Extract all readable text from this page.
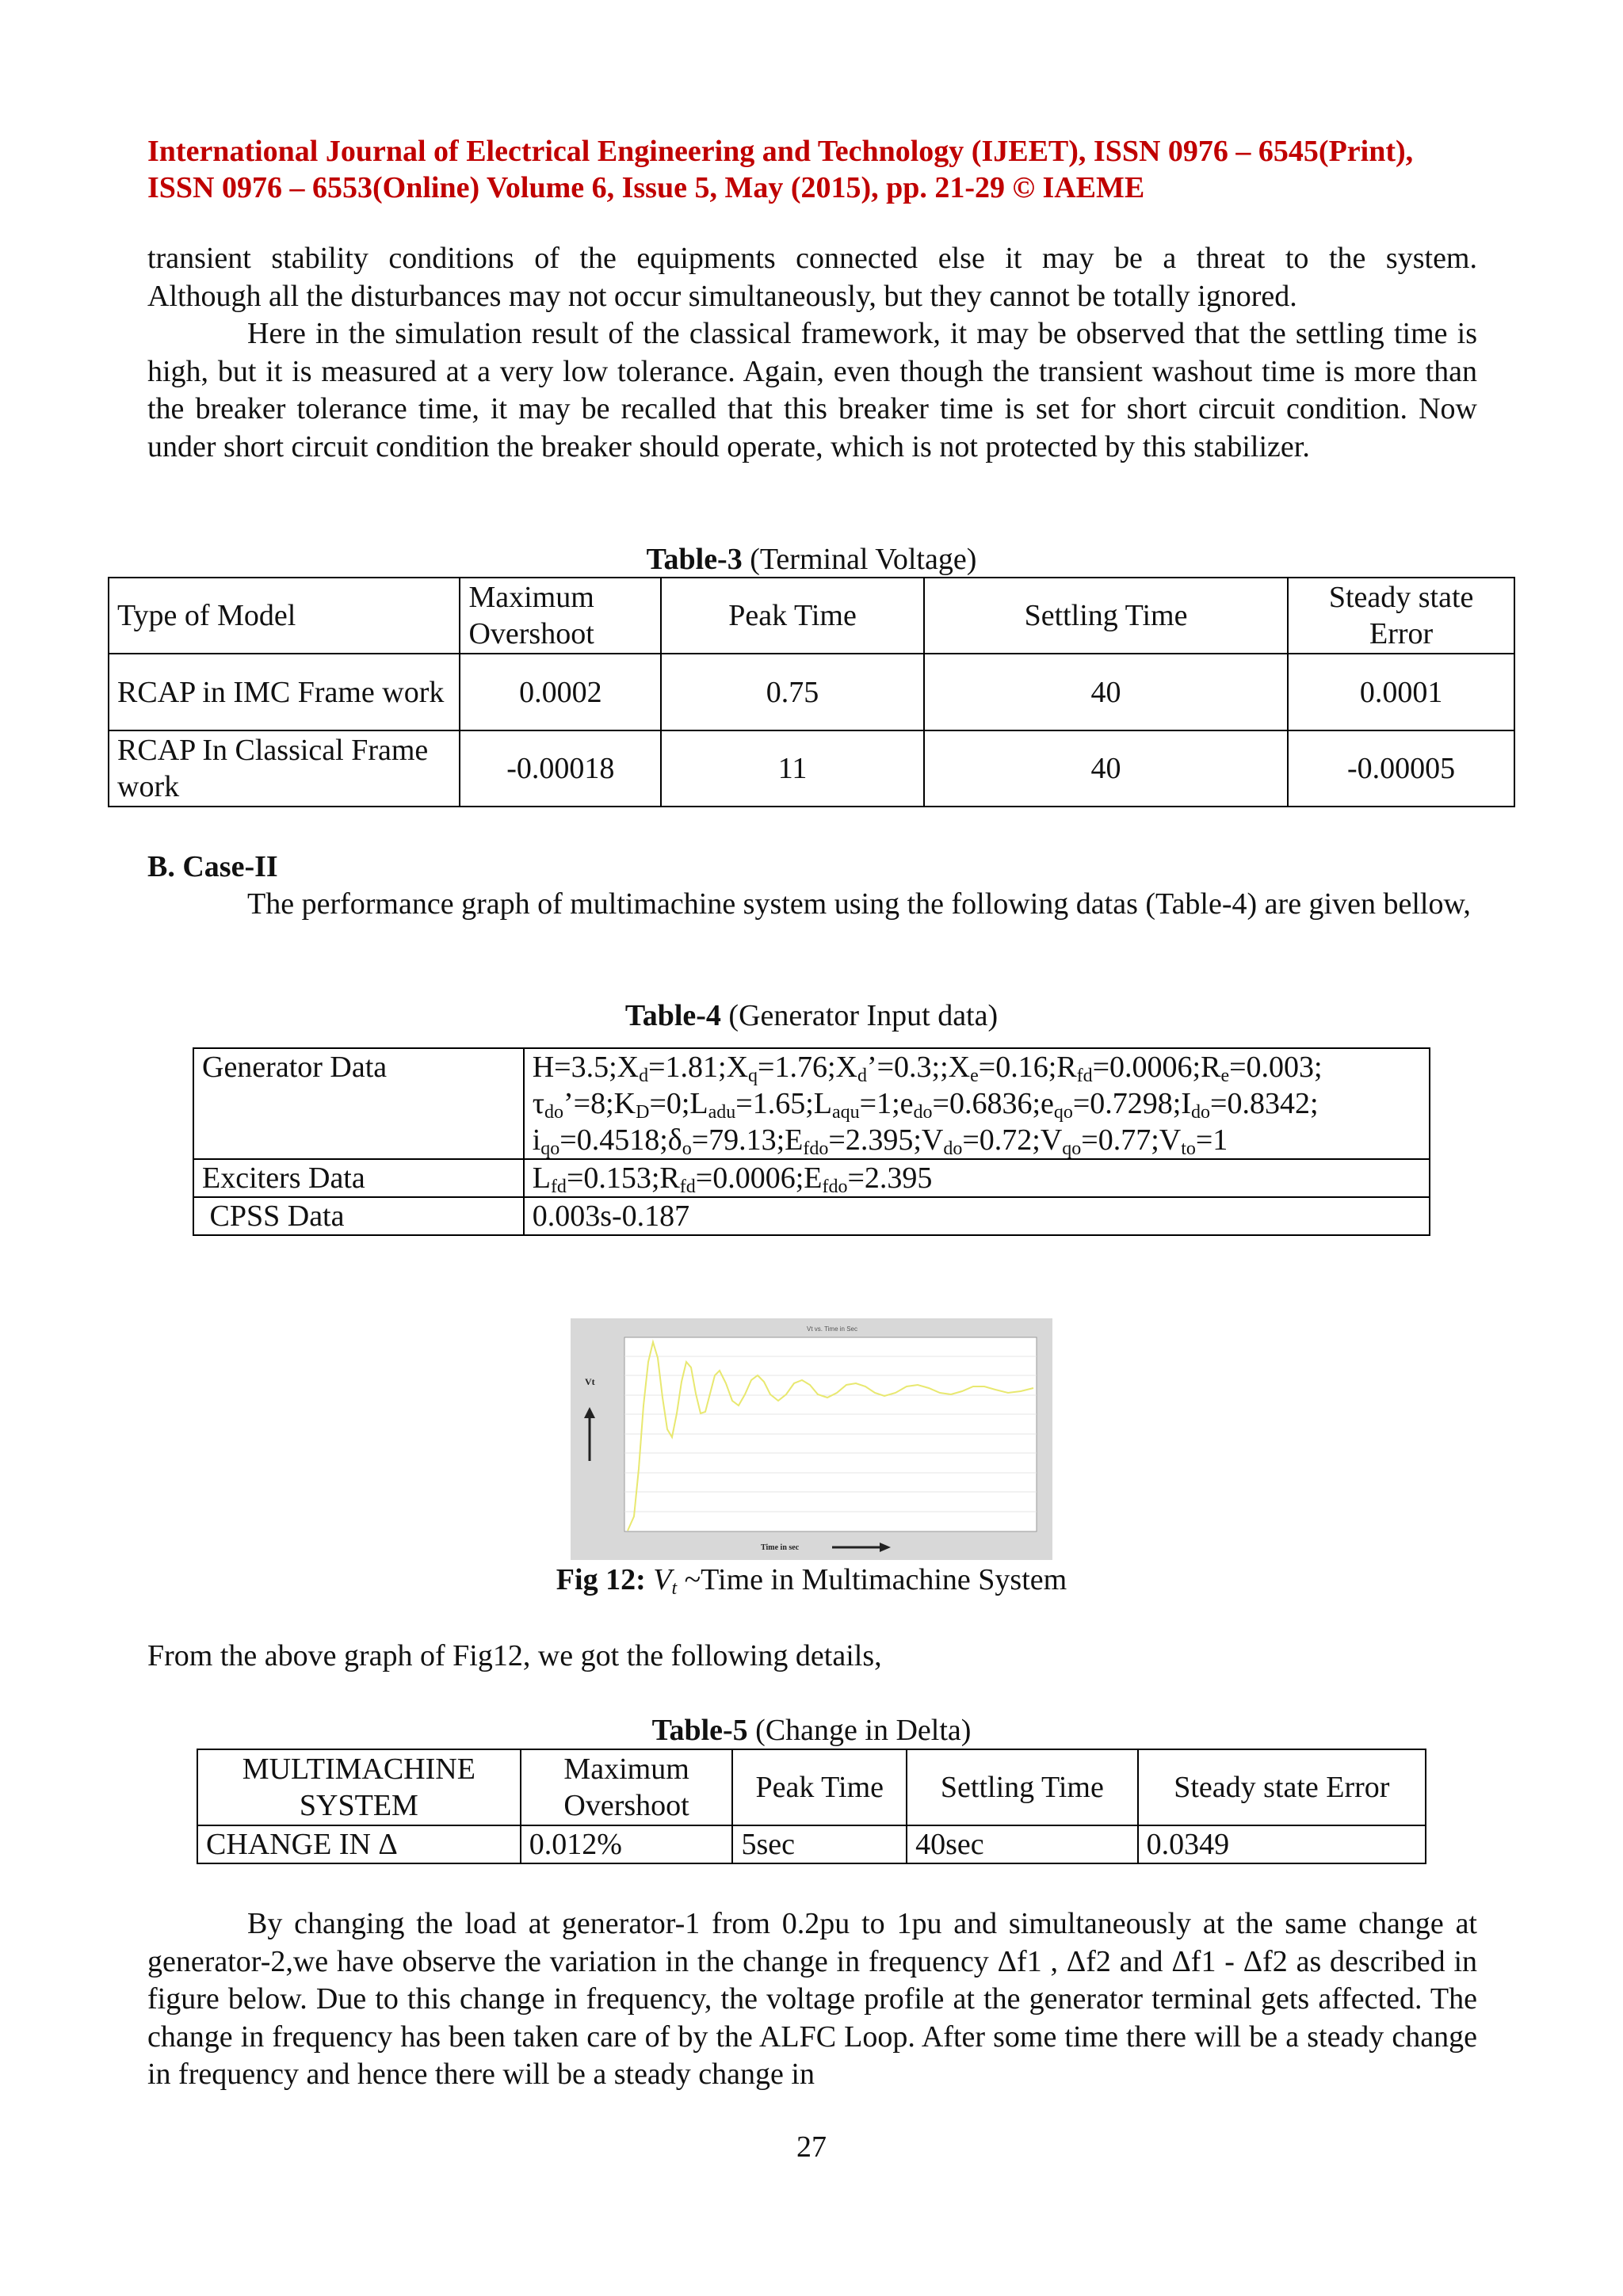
International Journal of Electrical Engineering and Technology (IJEET), ISSN 0976 – 6545(Print),
ISSN 0976 – 6553(Online) Volume 6, Issue 5, May (2015), pp. 21-29 © IAEME
transient stability conditions of the equipments connected else it may be a threat to the system.
Although all the disturbances may not occur simultaneously, but they cannot be totally ignored.

Here in the simulation result of the classical framework, it may be observed that the settling time is high, but it is measured at a very low tolerance. Again, even though the transient washout time is more than the breaker tolerance time, it may be recalled that this breaker time is set for short circuit condition. Now under short circuit condition the breaker should operate, which is not protected by this stabilizer.

Table-3 (Terminal Voltage)
Type of Model	Maximum Overshoot	Peak Time	Settling Time	Steady state Error
RCAP in IMC Frame work	0.0002	0.75	40	0.0001
RCAP In Classical Frame work	-0.00018	11	40	-0.00005
B. Case-II

The performance graph of multimachine system using the following datas (Table-4) are given bellow,

Table-4 (Generator Input data)
Generator Data	$H=3.5;X_d=1.81;X_q=1.76;X_d’=0.3;;X_e=0.16;R_{fd}=0.0006;R_e=0.003$;
$\tau_{do}’=8;K_D=0;L_{adu}=1.65;L_{aqu}=1;e_{do}=0.6836;e_{qo}=0.7298;I_{do}=0.8342$;
$i_{qo}=0.4518;\delta_o=79.13;E_{fdo}=2.395;V_{do}=0.72;V_{qo}=0.77;V_{to}=1$
Exciters Data	$L_{fd}=0.153;R_{fd}=0.0006;E_{fdo}=2.395$
CPSS Data	0.003s-0.187
Vt vs. Time in Sec
Vt
Time in sec
Fig 12: $V_t$ ~Time in Multimachine System

From the above graph of Fig12, we got the following details,

Table-5 (Change in Delta)
MULTIMACHINE SYSTEM	Maximum Overshoot	Peak Time	Settling Time	Steady state Error
CHANGE IN Δ	0.012%	5sec	40sec	0.0349

By changing the load at generator-1 from 0.2pu to 1pu and simultaneously at the same change at generator-2,we have observe the variation in the change in frequency Δf1 , Δf2 and Δf1 - Δf2 as described in figure below. Due to this change in frequency, the voltage profile at the generator terminal gets affected. The change in frequency has been taken care of by the ALFC Loop. After some time there will be a steady change in frequency and hence there will be a steady change in

27
